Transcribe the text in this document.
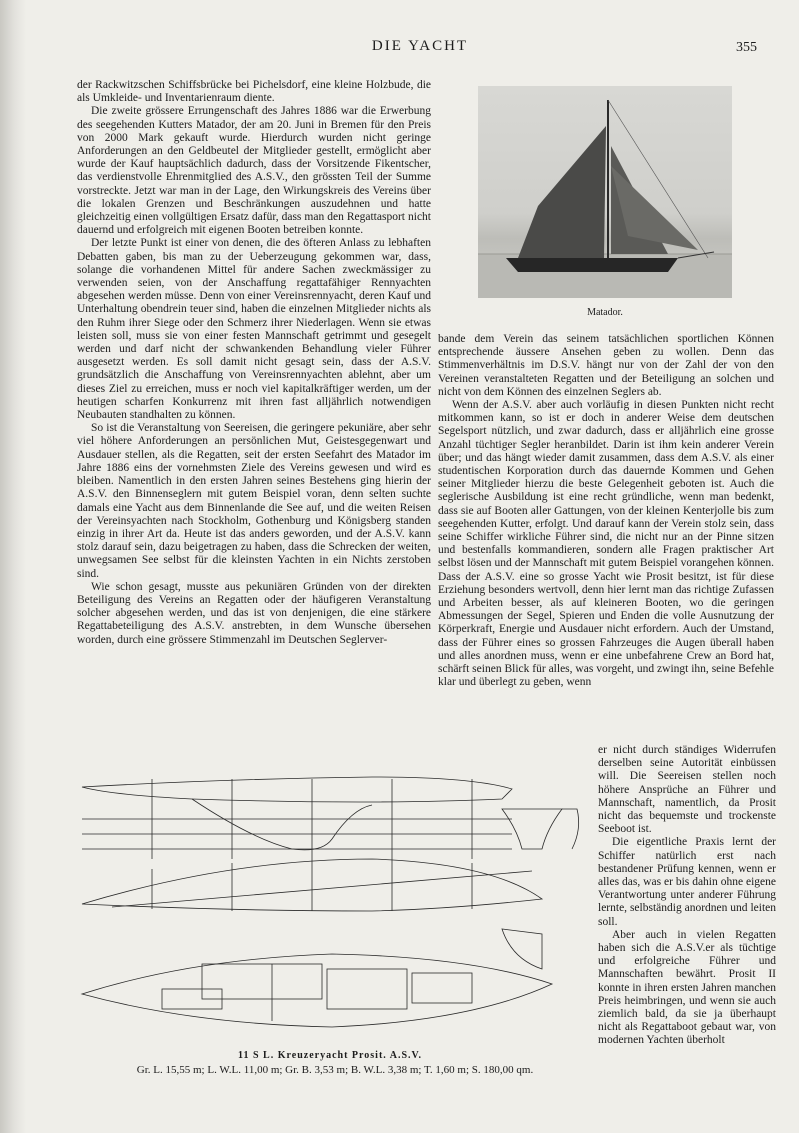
DIE YACHT	355

der Rackwitzschen Schiffsbrücke bei Pichelsdorf, eine kleine Holzbude, die als Umkleide- und Inventarienraum diente.

Die zweite grössere Errungenschaft des Jahres 1886 war die Erwerbung des seegehenden Kutters Matador, der am 20. Juni in Bremen für den Preis von 2000 Mark gekauft wurde. Hierdurch wurden nicht geringe Anforderungen an den Geldbeutel der Mitglieder gestellt, ermöglicht aber wurde der Kauf hauptsächlich dadurch, dass der Vorsitzende Fikentscher, das verdienstvolle Ehrenmitglied des A.S.V., den grössten Teil der Summe vorstreckte. Jetzt war man in der Lage, den Wirkungskreis des Vereins über die lokalen Grenzen und Beschränkungen auszudehnen und hatte gleichzeitig einen vollgültigen Ersatz dafür, dass man den Regattasport nicht dauernd und erfolgreich mit eigenen Booten betreiben konnte.

Der letzte Punkt ist einer von denen, die des öfteren Anlass zu lebhaften Debatten gaben, bis man zu der Ueberzeugung gekommen war, dass, solange die vorhandenen Mittel für andere Sachen zweckmässiger zu verwenden seien, von der Anschaffung regattafähiger Rennyachten abgesehen werden müsse. Denn von einer Vereinsrennyacht, deren Kauf und Unterhaltung obendrein teuer sind, haben die einzelnen Mitglieder nichts als den Ruhm ihrer Siege oder den Schmerz ihrer Niederlagen. Wenn sie etwas leisten soll, muss sie von einer festen Mannschaft getrimmt und gesegelt werden und darf nicht der schwankenden Behandlung vieler Führer ausgesetzt werden. Es soll damit nicht gesagt sein, dass der A.S.V. grundsätzlich die Anschaffung von Vereinsrennyachten ablehnt, aber um dieses Ziel zu erreichen, muss er noch viel kapitalkräftiger werden, um der heutigen scharfen Konkurrenz mit ihren fast alljährlich notwendigen Neubauten standhalten zu können.

So ist die Veranstaltung von Seereisen, die geringere pekuniäre, aber sehr viel höhere Anforderungen an persönlichen Mut, Geistesgegenwart und Ausdauer stellen, als die Regatten, seit der ersten Seefahrt des Matador im Jahre 1886 eins der vornehmsten Ziele des Vereins gewesen und wird es bleiben. Namentlich in den ersten Jahren seines Bestehens ging hierin der A.S.V. den Binnenseglern mit gutem Beispiel voran, denn selten suchte damals eine Yacht aus dem Binnenlande die See auf, und die weiten Reisen der Vereinsyachten nach Stockholm, Gothenburg und Königsberg standen einzig in ihrer Art da. Heute ist das anders geworden, und der A.S.V. kann stolz darauf sein, dazu beigetragen zu haben, dass die Schrecken der weiten, unwegsamen See selbst für die kleinsten Yachten in ein Nichts zerstoben sind.

Wie schon gesagt, musste aus pekuniären Gründen von der direkten Beteiligung des Vereins an Regatten oder der häufigeren Veranstaltung solcher abgesehen werden, und das ist von denjenigen, die eine stärkere Regattabeteiligung des A.S.V. anstrebten, in dem Wunsche übersehen worden, durch eine grössere Stimmenzahl im Deutschen Seglerver-

Matador.

bande dem Verein das seinem tatsächlichen sportlichen Können entsprechende äussere Ansehen geben zu wollen. Denn das Stimmenverhältnis im D.S.V. hängt nur von der Zahl der von den Vereinen veranstalteten Regatten und der Beteiligung an solchen und nicht von dem Können des einzelnen Seglers ab.

Wenn der A.S.V. aber auch vorläufig in diesen Punkten nicht recht mitkommen kann, so ist er doch in anderer Weise dem deutschen Segelsport nützlich, und zwar dadurch, dass er alljährlich eine grosse Anzahl tüchtiger Segler heranbildet. Darin ist ihm kein anderer Verein über; und das hängt wieder damit zusammen, dass dem A.S.V. als einer studentischen Korporation durch das dauernde Kommen und Gehen seiner Mitglieder hierzu die beste Gelegenheit geboten ist. Auch die seglerische Ausbildung ist eine recht gründliche, wenn man bedenkt, dass sie auf Booten aller Gattungen, von der kleinen Kenterjolle bis zum seegehenden Kutter, erfolgt. Und darauf kann der Verein stolz sein, dass seine Schiffer wirkliche Führer sind, die nicht nur an der Pinne sitzen und bestenfalls kommandieren, sondern alle Fragen praktischer Art selbst lösen und der Mannschaft mit gutem Beispiel vorangehen können. Dass der A.S.V. eine so grosse Yacht wie Prosit besitzt, ist für diese Erziehung besonders wertvoll, denn hier lernt man das richtige Zufassen und Arbeiten besser, als auf kleineren Booten, wo die geringen Abmessungen der Segel, Spieren und Enden die volle Ausnutzung der Körperkraft, Energie und Ausdauer nicht erfordern. Auch der Umstand, dass der Führer eines so grossen Fahrzeuges die Augen überall haben und alles anordnen muss, wenn er eine unbefahrene Crew an Bord hat, schärft seinen Blick für alles, was vorgeht, und zwingt ihn, seine Befehle klar und überlegt zu geben, wenn

er nicht durch ständiges Widerrufen derselben seine Autorität einbüssen will. Die Seereisen stellen noch höhere Ansprüche an Führer und Mannschaft, namentlich, da Prosit nicht das bequemste und trockenste Seeboot ist.

Die eigentliche Praxis lernt der Schiffer natürlich erst nach bestandener Prüfung kennen, wenn er alles das, was er bis dahin ohne eigene Verantwortung unter anderer Führung lernte, selbständig anordnen und leiten soll.

Aber auch in vielen Regatten haben sich die A.S.V.er als tüchtige und erfolgreiche Führer und Mannschaften bewährt. Prosit II konnte in ihren ersten Jahren manchen Preis heimbringen, und wenn sie auch ziemlich bald, da sie ja überhaupt nicht als Regattaboot gebaut war, von modernen Yachten überholt

11 S L. Kreuzeryacht Prosit. A.S.V.
Gr. L. 15,55 m; L. W.L. 11,00 m; Gr. B. 3,53 m; B. W.L. 3,38 m; T. 1,60 m; S. 180,00 qm.
